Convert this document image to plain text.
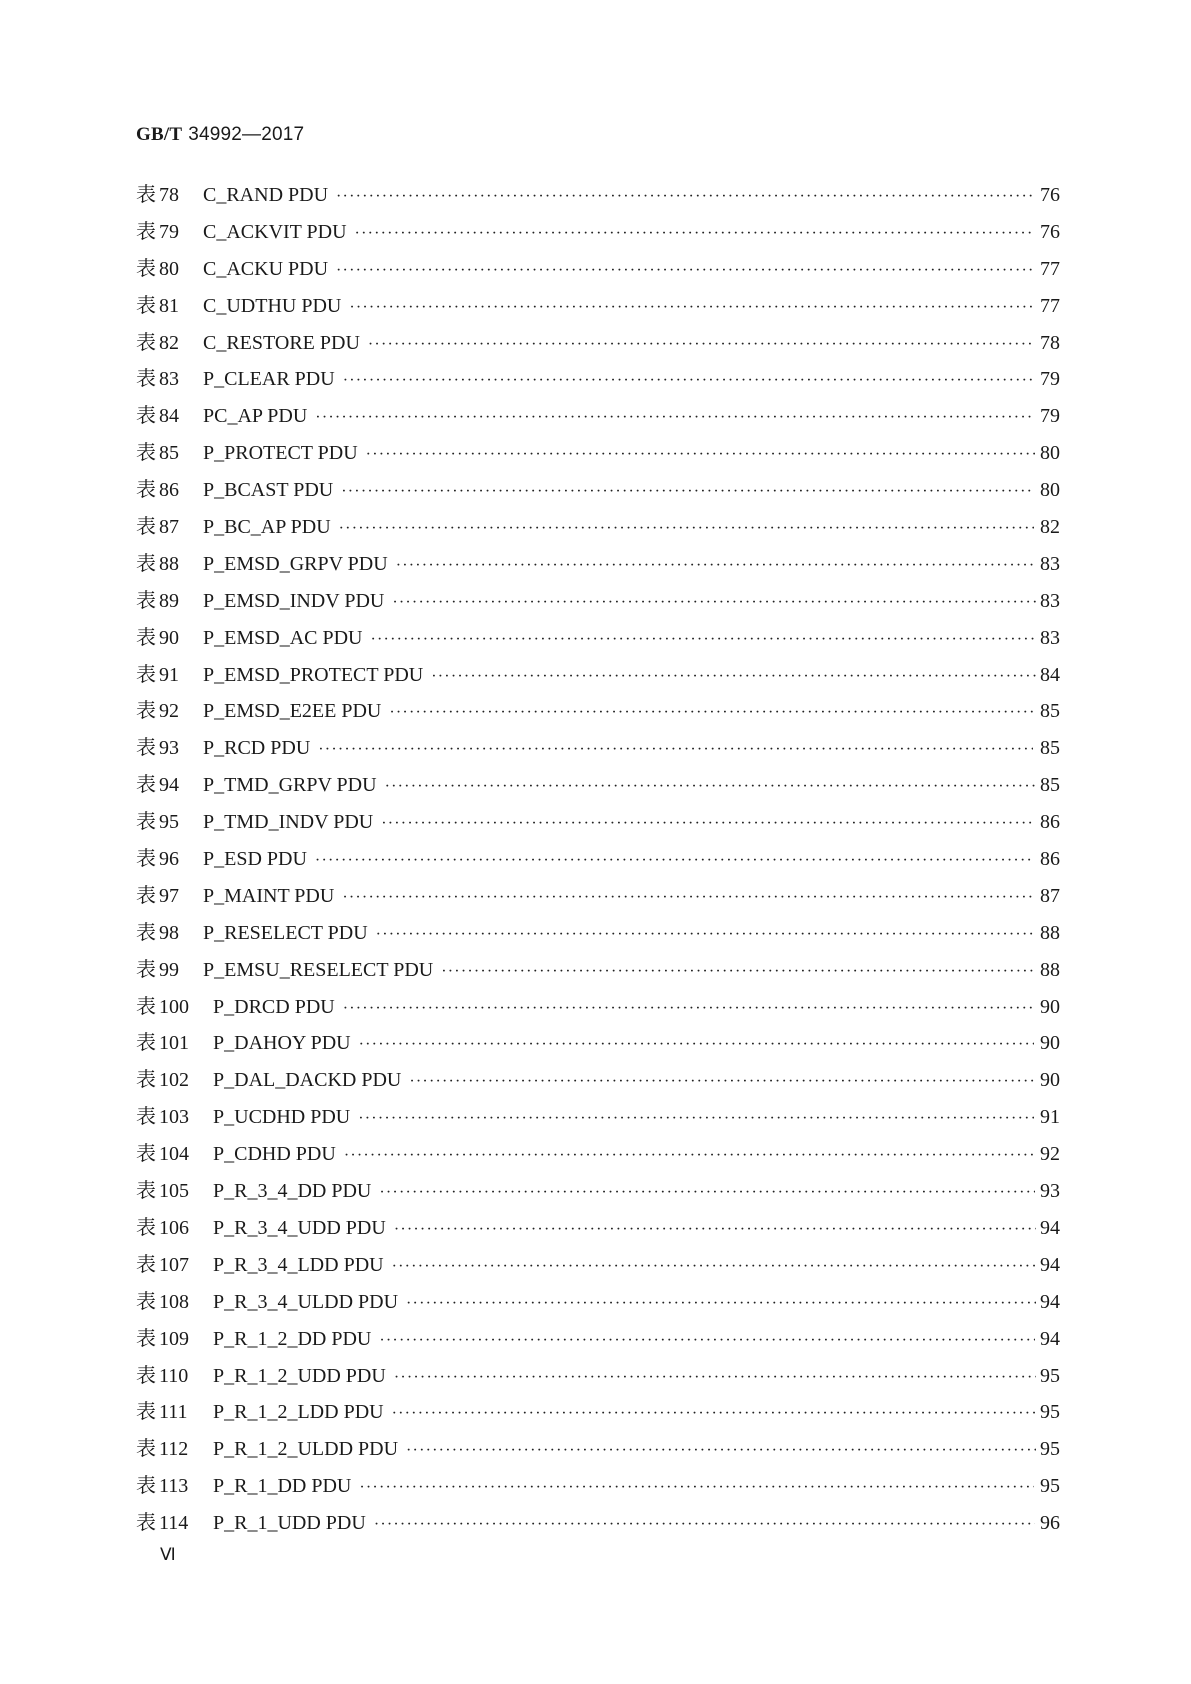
GB/T 34992—2017
表 78	C_RAND PDU ·····	76
表 79	C_ACKVIT PDU ·····	76
表 80	C_ACKU PDU ·····	77
表 81	C_UDTHU PDU ·····	77
表 82	C_RESTORE PDU ·····	78
表 83	P_CLEAR PDU ·····	79
表 84	PC_AP PDU ·····	79
表 85	P_PROTECT PDU ·····	80
表 86	P_BCAST PDU ·····	80
表 87	P_BC_AP PDU ·····	82
表 88	P_EMSD_GRPV PDU ·····	83
表 89	P_EMSD_INDV PDU ·····	83
表 90	P_EMSD_AC PDU ·····	83
表 91	P_EMSD_PROTECT PDU ·····	84
表 92	P_EMSD_E2EE PDU ·····	85
表 93	P_RCD PDU ·····	85
表 94	P_TMD_GRPV PDU ·····	85
表 95	P_TMD_INDV PDU ·····	86
表 96	P_ESD PDU ·····	86
表 97	P_MAINT PDU ·····	87
表 98	P_RESELECT PDU ·····	88
表 99	P_EMSU_RESELECT PDU ·····	88
表 100	P_DRCD PDU ·····	90
表 101	P_DAHOY PDU ·····	90
表 102	P_DAL_DACKD PDU ·····	90
表 103	P_UCDHD PDU ·····	91
表 104	P_CDHD PDU ·····	92
表 105	P_R_3_4_DD PDU ·····	93
表 106	P_R_3_4_UDD PDU ·····	94
表 107	P_R_3_4_LDD PDU ·····	94
表 108	P_R_3_4_ULDD PDU ·····	94
表 109	P_R_1_2_DD PDU ·····	94
表 110	P_R_1_2_UDD PDU ·····	95
表 111	P_R_1_2_LDD PDU ·····	95
表 112	P_R_1_2_ULDD PDU ·····	95
表 113	P_R_1_DD PDU ·····	95
表 114	P_R_1_UDD PDU ·····	96
Ⅵ
